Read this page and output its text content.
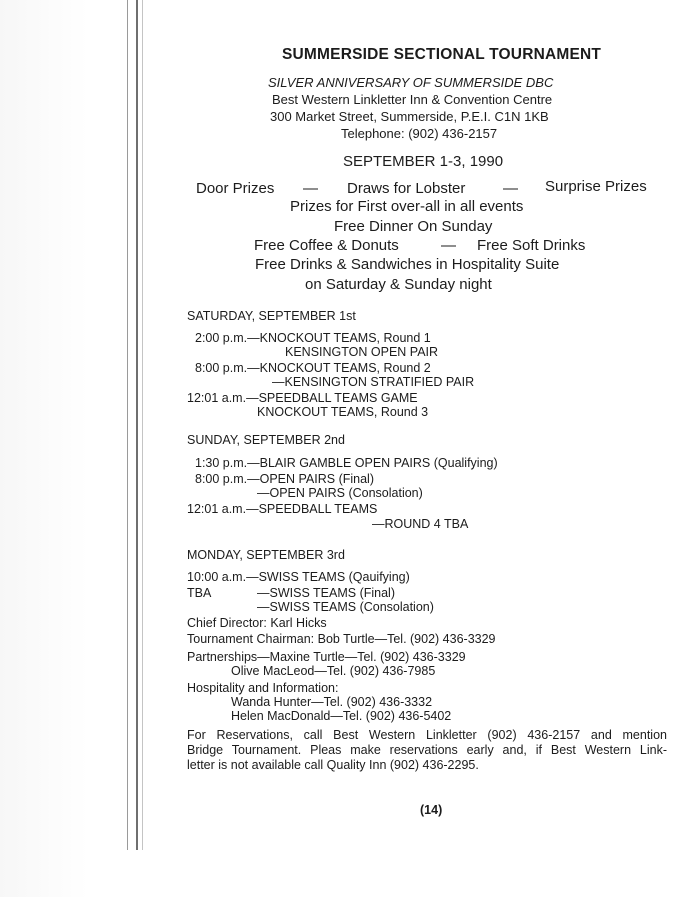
SUMMERSIDE SECTIONAL TOURNAMENT
SILVER ANNIVERSARY OF SUMMERSIDE DBC
Best Western Linkletter Inn & Convention Centre
300 Market Street, Summerside, P.E.I. C1N 1KB
Telephone: (902) 436-2157
SEPTEMBER 1-3, 1990
Door Prizes — Draws for Lobster	— Surprise Prizes
Prizes for First over-all in all events
Free Dinner On Sunday
Free Coffee & Donuts	— Free Soft Drinks
Free Drinks & Sandwiches in Hospitality Suite
on Saturday & Sunday night
SATURDAY, SEPTEMBER 1st
2:00 p.m.—KNOCKOUT TEAMS, Round 1
KENSINGTON OPEN PAIR
8:00 p.m.—KNOCKOUT TEAMS, Round 2
—KENSINGTON STRATIFIED PAIR
12:01 a.m.—SPEEDBALL TEAMS GAME
KNOCKOUT TEAMS, Round 3
SUNDAY, SEPTEMBER 2nd
1:30 p.m.—BLAIR GAMBLE OPEN PAIRS (Qualifying)
8:00 p.m.—OPEN PAIRS (Final)
—OPEN PAIRS (Consolation)
12:01 a.m.—SPEEDBALL TEAMS
—ROUND 4 TBA
MONDAY, SEPTEMBER 3rd
10:00 a.m.—SWISS TEAMS (Qauifying)
TBA	—SWISS TEAMS (Final)
—SWISS TEAMS (Consolation)
Chief Director: Karl Hicks
Tournament Chairman: Bob Turtle—Tel. (902) 436-3329
Partnerships—Maxine Turtle—Tel. (902) 436-3329
Olive MacLeod—Tel. (902) 436-7985
Hospitality and Information:
Wanda Hunter—Tel. (902) 436-3332
Helen MacDonald—Tel. (902) 436-5402
For Reservations, call Best Western Linkletter (902) 436-2157 and mention
Bridge Tournament. Pleas make reservations early and, if Best Western Link-
letter is not available call Quality Inn (902) 436-2295.
(14)
